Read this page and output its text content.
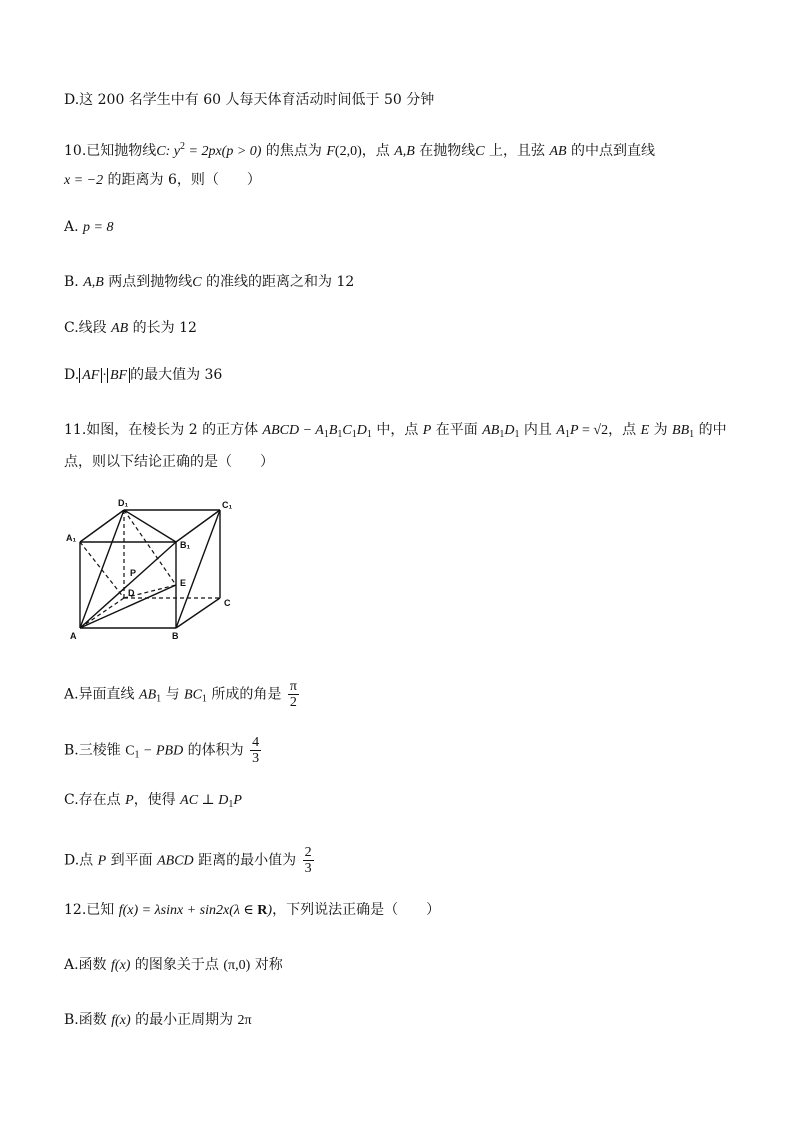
D.这 200 名学生中有 60 人每天体育活动时间低于 50 分钟
10.已知抛物线C: $y^2 = 2px(p > 0)$ 的焦点为 F(2,0)，点 A,B 在抛物线C 上，且弦 AB 的中点到直线
x = −2 的距离为 6，则（　　）
A. p = 8
B. A,B 两点到抛物线C 的准线的距离之和为 12
C.线段 AB 的长为 12
D. AF · BF 的最大值为 36
11.如图，在棱长为 2 的正方体 ABCD − $A_1B_1C_1D_1$ 中，点 P 在平面 $AB_1D_1$ 内且 $A_1P = √2$，点 E 为 $BB_1$ 的中
点，则以下结论正确的是（　　）
D₁	C₁
A₁
B₁
P
E
D
C
A	B
A.异面直线 $AB_1$ 与 $BC_1$ 所成的角是 $\frac{\pi}{2}$
B.三棱锥 $C_1$ − PBD 的体积为 $\frac{4}{3}$
C.存在点 P，使得 AC ⊥ $D_1P$
D.点 P 到平面 ABCD 距离的最小值为 $\frac{2}{3}$
12.已知 f(x) = λsinx + sin2x(λ ∈ R)，下列说法正确是（　　）
A.函数 f(x) 的图象关于点 (π,0) 对称
B.函数 f(x) 的最小正周期为 2π
